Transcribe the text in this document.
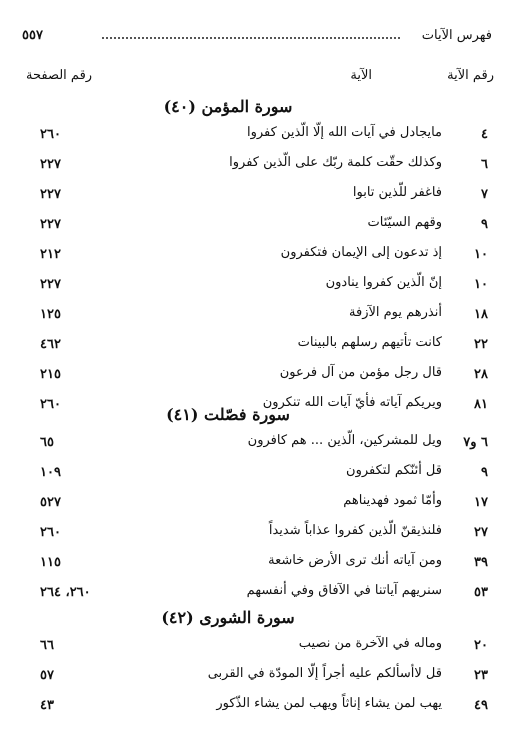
فهرس الآيات
٥٥٧
رقم الآية
الآية
رقم الصفحة
سورة المؤمن (٤٠)
٤
مايجادل في آيات الله إلّا الّذين كفروا
٢٦٠
٦
وكذلك حقّت كلمة ربّك على الّذين كفروا
٢٢٧
٧
فاغفر للّذين تابوا
٢٢٧
٩
وقهم السيّئات
٢٢٧
١٠
إذ تدعون إلى الإيمان فتكفرون
٢١٢
١٠
إنّ الّذين كفروا ينادون
٢٢٧
١٨
أنذرهم يوم الآزفة
١٢٥
٢٢
كانت تأتيهم رسلهم بالبينات
٤٦٢
٢٨
قال رجل مؤمن من آل فرعون
٢١٥
٨١
ويريكم آياته فأيّ آيات الله تنكرون
٢٦٠
سورة فصّلت (٤١)
٦ و٧
ويل للمشركين، الّذين ... هم كافرون
٦٥
٩
قل أئنّكم لتكفرون
١٠٩
١٧
وأمّا ثمود فهديناهم
٥٢٧
٢٧
فلنذيقنّ الّذين كفروا عذاباً شديداً
٢٦٠
٣٩
ومن آياته أنك ترى الأرض خاشعة
١١٥
٥٣
سنريهم آياتنا في الآفاق وفي أنفسهم
٢٦٠، ٢٦٤
سورة الشورى (٤٢)
٢٠
وماله في الآخرة من نصيب
٦٦
٢٣
قل لاأسألكم عليه أجراً إلّا المودّة في القربى
٥٧
٤٩
يهب لمن يشاء إناثاً ويهب لمن يشاء الذّكور
٤٣
